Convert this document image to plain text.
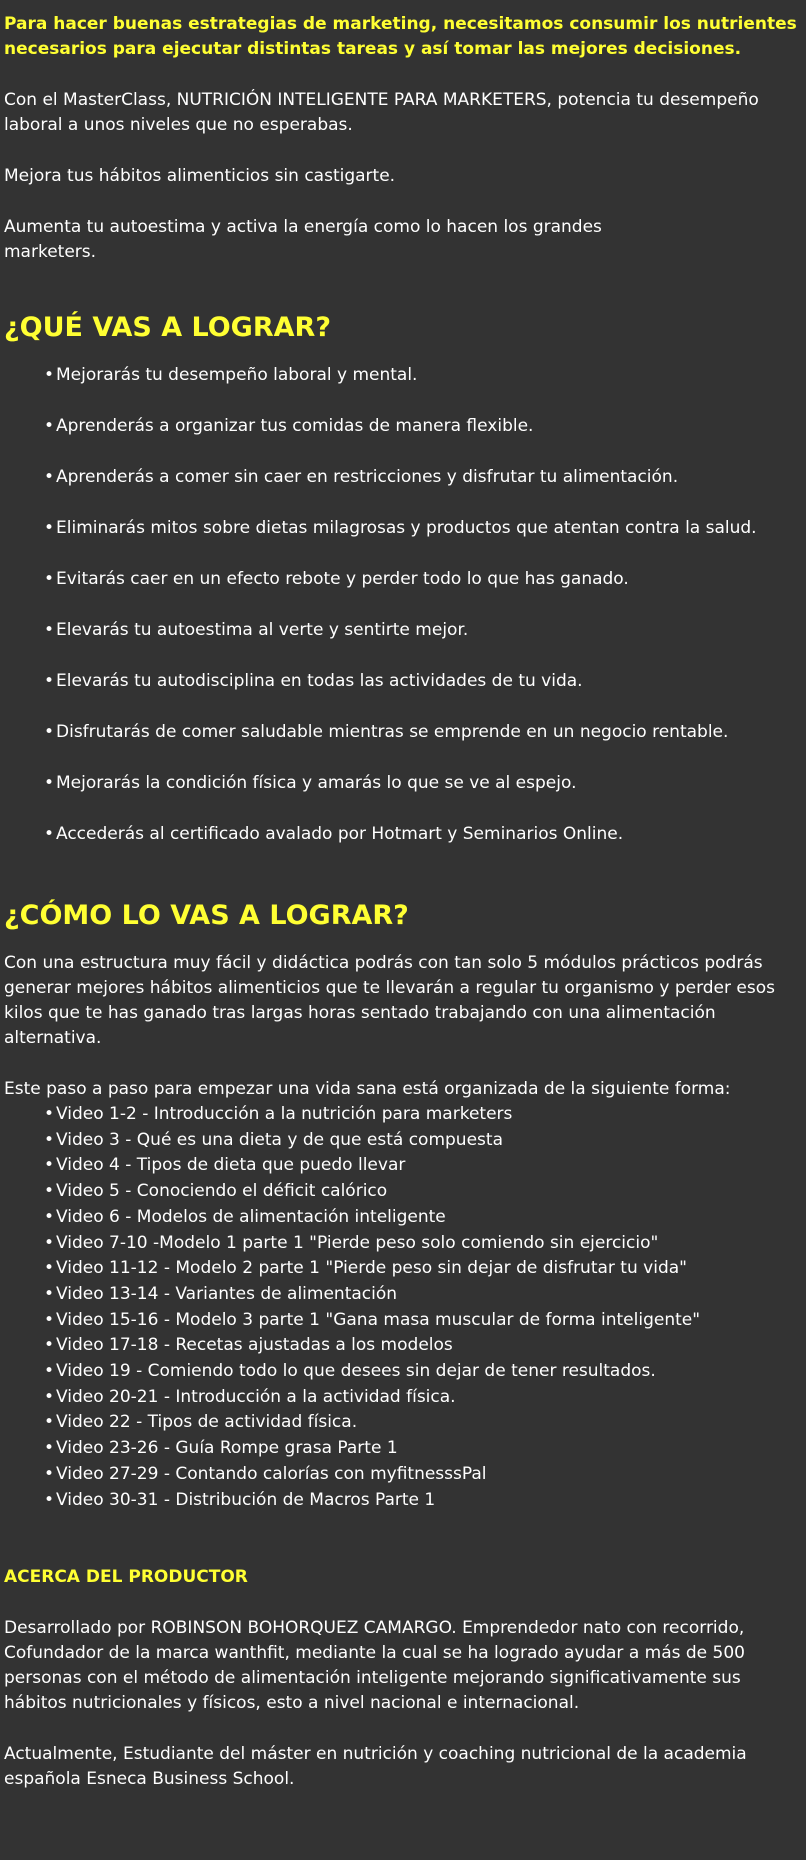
Para hacer buenas estrategias de marketing, necesitamos consumir los nutrientes necesarios para ejecutar distintas tareas y así tomar las mejores decisiones.

Con el MasterClass, NUTRICIÓN INTELIGENTE PARA MARKETERS, potencia tu desempeño laboral a unos niveles que no esperabas.

Mejora tus hábitos alimenticios sin castigarte.

Aumenta tu autoestima y activa la energía como lo hacen los grandes marketers.

¿QUÉ VAS A LOGRAR?
• Mejorarás tu desempeño laboral y mental.
• Aprenderás a organizar tus comidas de manera flexible.
• Aprenderás a comer sin caer en restricciones y disfrutar tu alimentación.
• Eliminarás mitos sobre dietas milagrosas y productos que atentan contra la salud.
• Evitarás caer en un efecto rebote y perder todo lo que has ganado.
• Elevarás tu autoestima al verte y sentirte mejor.
• Elevarás tu autodisciplina en todas las actividades de tu vida.
• Disfrutarás de comer saludable mientras se emprende en un negocio rentable.
• Mejorarás la condición física y amarás lo que se ve al espejo.
• Accederás al certificado avalado por Hotmart y Seminarios Online.
¿CÓMO LO VAS A LOGRAR?

Con una estructura muy fácil y didáctica podrás con tan solo 5 módulos prácticos podrás generar mejores hábitos alimenticios que te llevarán a regular tu organismo y perder esos kilos que te has ganado tras largas horas sentado trabajando con una alimentación alternativa.

Este paso a paso para empezar una vida sana está organizada de la siguiente forma:
• Video 1-2 - Introducción a la nutrición para marketers
• Video 3 - Qué es una dieta y de que está compuesta
• Video 4 - Tipos de dieta que puedo llevar
• Video 5 - Conociendo el déficit calórico
• Video 6 - Modelos de alimentación inteligente
• Video 7-10 -Modelo 1 parte 1 "Pierde peso solo comiendo sin ejercicio"
• Video 11-12 - Modelo 2 parte 1 "Pierde peso sin dejar de disfrutar tu vida"
• Video 13-14 - Variantes de alimentación
• Video 15-16 - Modelo 3 parte 1 "Gana masa muscular de forma inteligente"
• Video 17-18 - Recetas ajustadas a los modelos
• Video 19 - Comiendo todo lo que desees sin dejar de tener resultados.
• Video 20-21 - Introducción a la actividad física.
• Video 22 - Tipos de actividad física.
• Video 23-26 - Guía Rompe grasa Parte 1
• Video 27-29 - Contando calorías con myfitnesssPal
• Video 30-31 - Distribución de Macros Parte 1
ACERCA DEL PRODUCTOR

Desarrollado por ROBINSON BOHORQUEZ CAMARGO. Emprendedor nato con recorrido, Cofundador de la marca wanthfit, mediante la cual se ha logrado ayudar a más de 500 personas con el método de alimentación inteligente mejorando significativamente sus hábitos nutricionales y físicos, esto a nivel nacional e internacional.

Actualmente, Estudiante del máster en nutrición y coaching nutricional de la academia española Esneca Business School.
